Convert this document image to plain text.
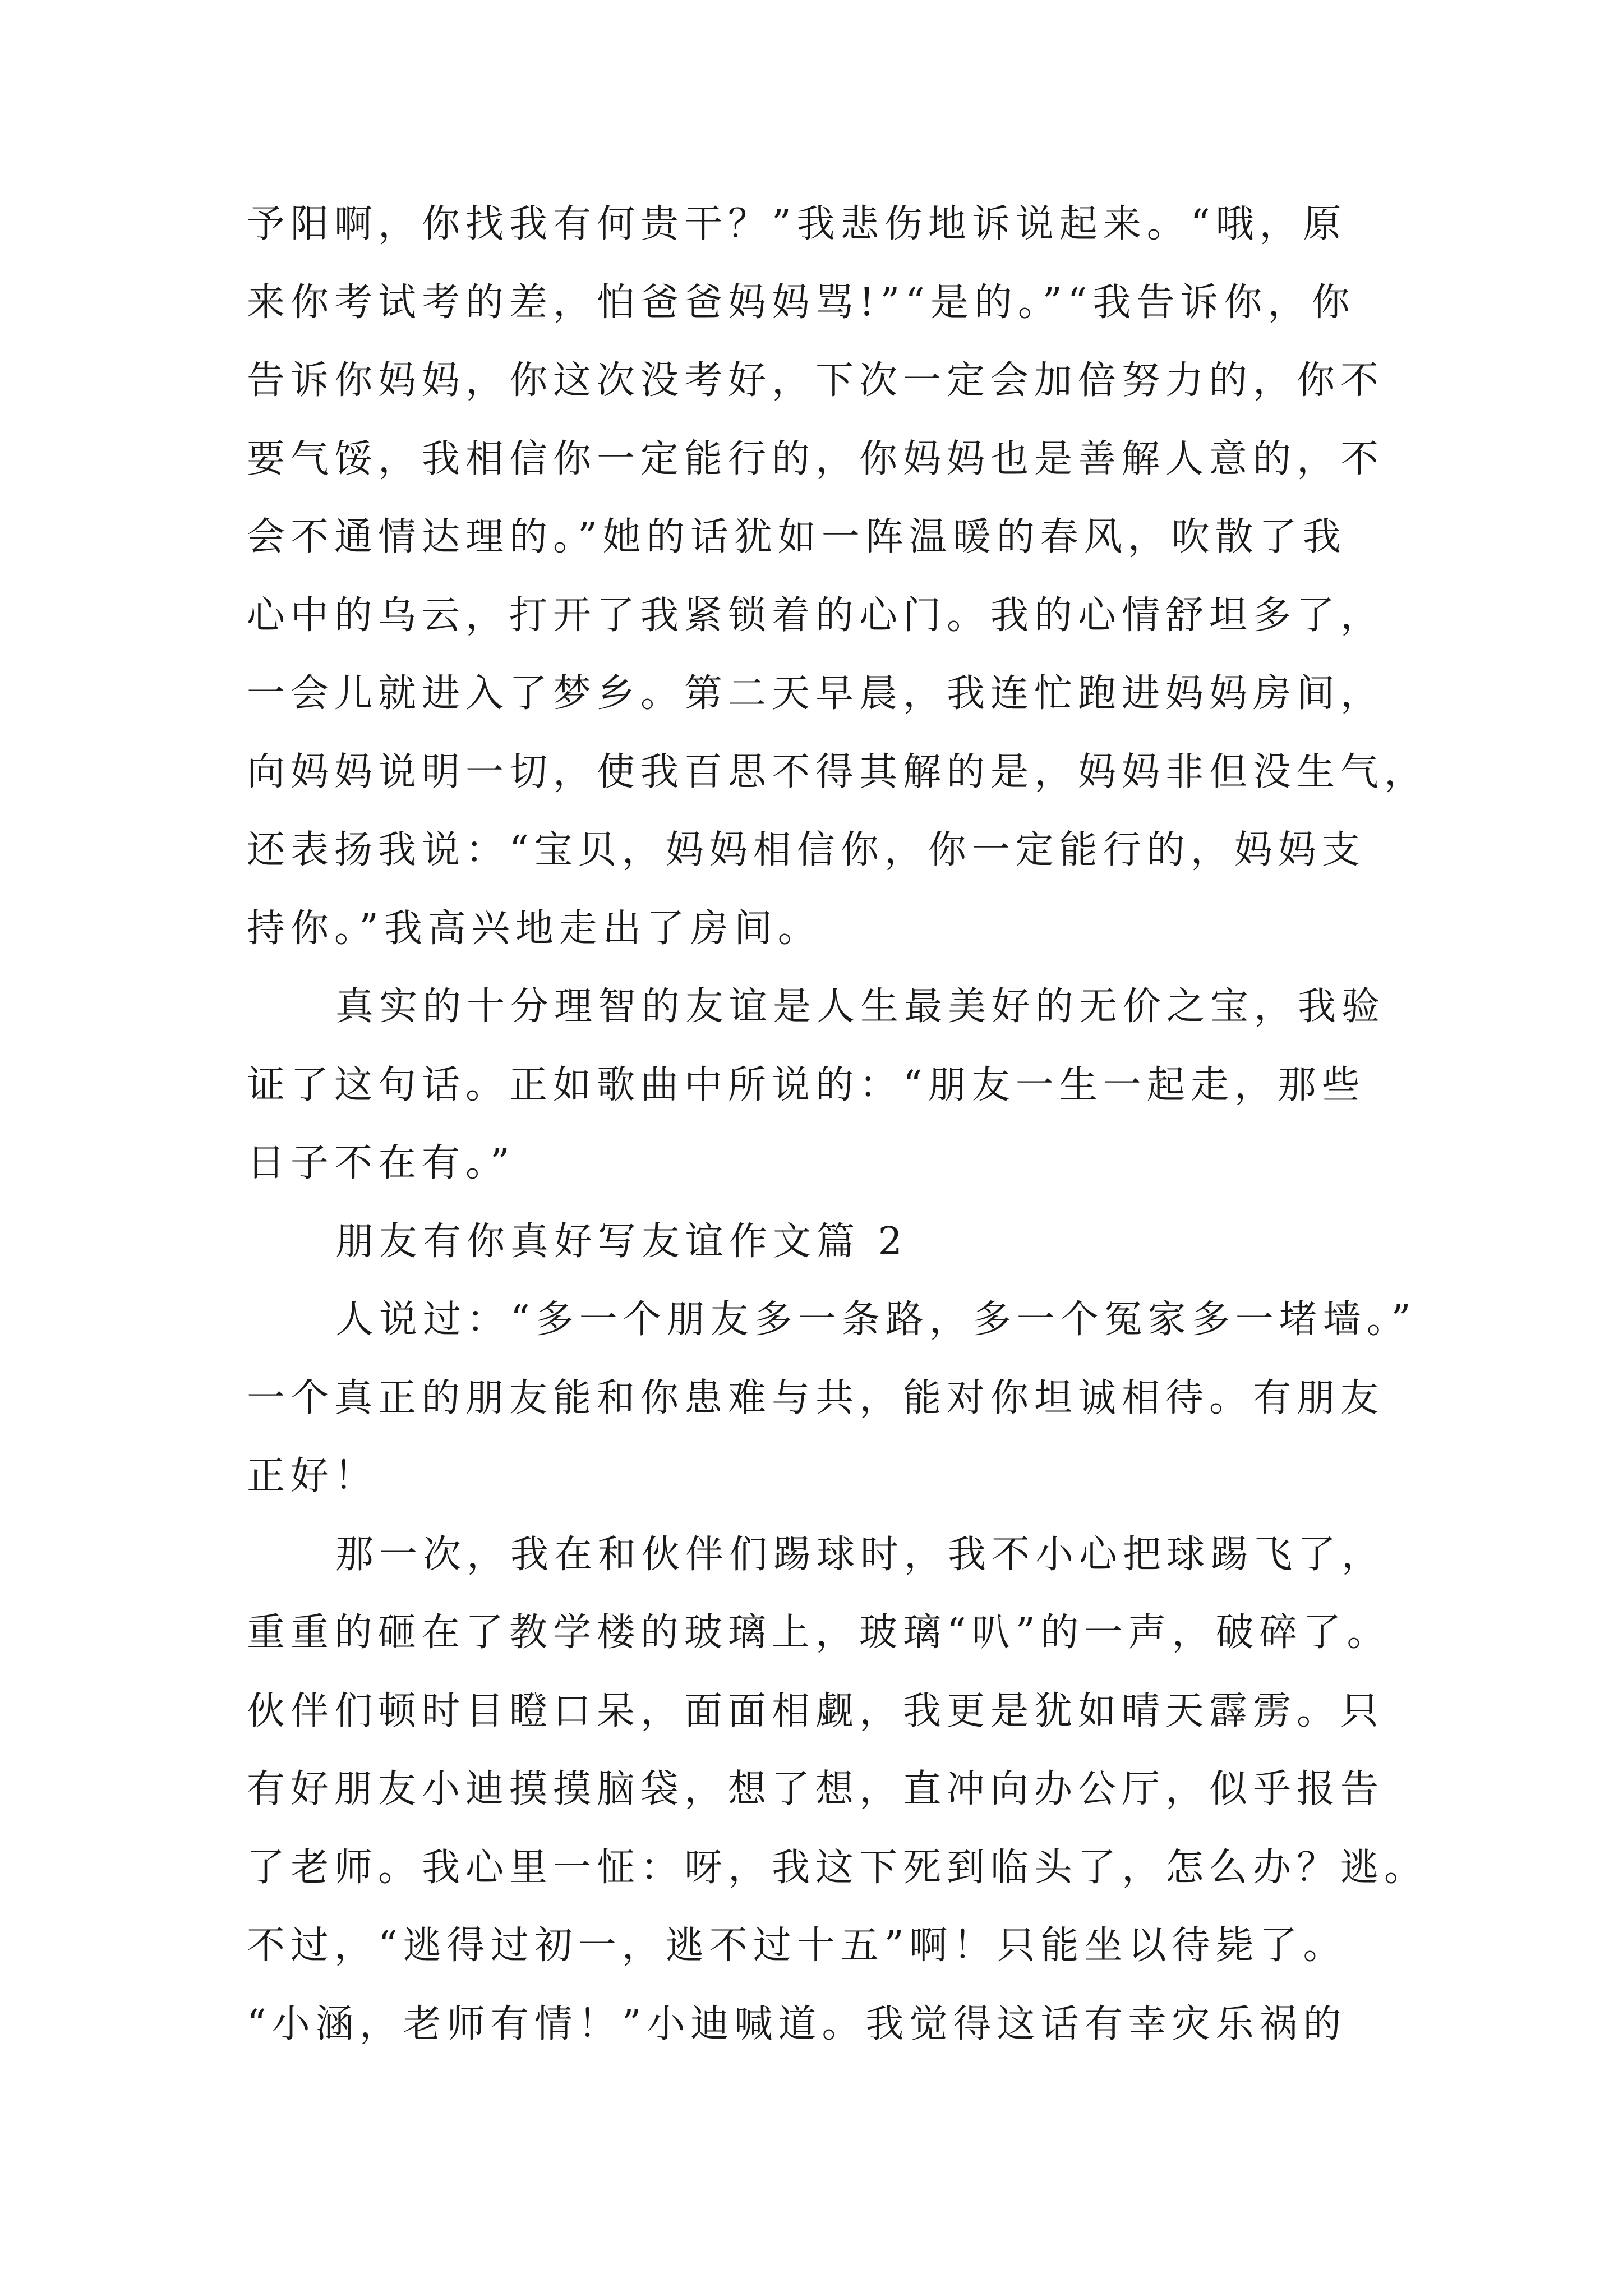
予阳啊，你找我有何贵干？”我悲伤地诉说起来。“哦，原
来你考试考的差，怕爸爸妈妈骂!”“是的。”“我告诉你，你
告诉你妈妈，你这次没考好，下次一定会加倍努力的，你不
要气馁，我相信你一定能行的，你妈妈也是善解人意的，不
会不通情达理的。”她的话犹如一阵温暖的春风，吹散了我
心中的乌云，打开了我紧锁着的心门。我的心情舒坦多了，
一会儿就进入了梦乡。第二天早晨，我连忙跑进妈妈房间，
向妈妈说明一切，使我百思不得其解的是，妈妈非但没生气，
还表扬我说：“宝贝，妈妈相信你，你一定能行的，妈妈支
持你。”我高兴地走出了房间。
真实的十分理智的友谊是人生最美好的无价之宝，我验
证了这句话。正如歌曲中所说的：“朋友一生一起走，那些
日子不在有。”
朋友有你真好写友谊作文篇 2
人说过：“多一个朋友多一条路，多一个冤家多一堵墙。”
一个真正的朋友能和你患难与共，能对你坦诚相待。有朋友
正好！
那一次，我在和伙伴们踢球时，我不小心把球踢飞了，
重重的砸在了教学楼的玻璃上，玻璃“叭”的一声，破碎了。
伙伴们顿时目瞪口呆，面面相觑，我更是犹如晴天霹雳。只
有好朋友小迪摸摸脑袋，想了想，直冲向办公厅，似乎报告
了老师。我心里一怔：呀，我这下死到临头了，怎么办？逃。
不过，“逃得过初一，逃不过十五”啊！只能坐以待毙了。
“小涵，老师有情！”小迪喊道。我觉得这话有幸灾乐祸的
